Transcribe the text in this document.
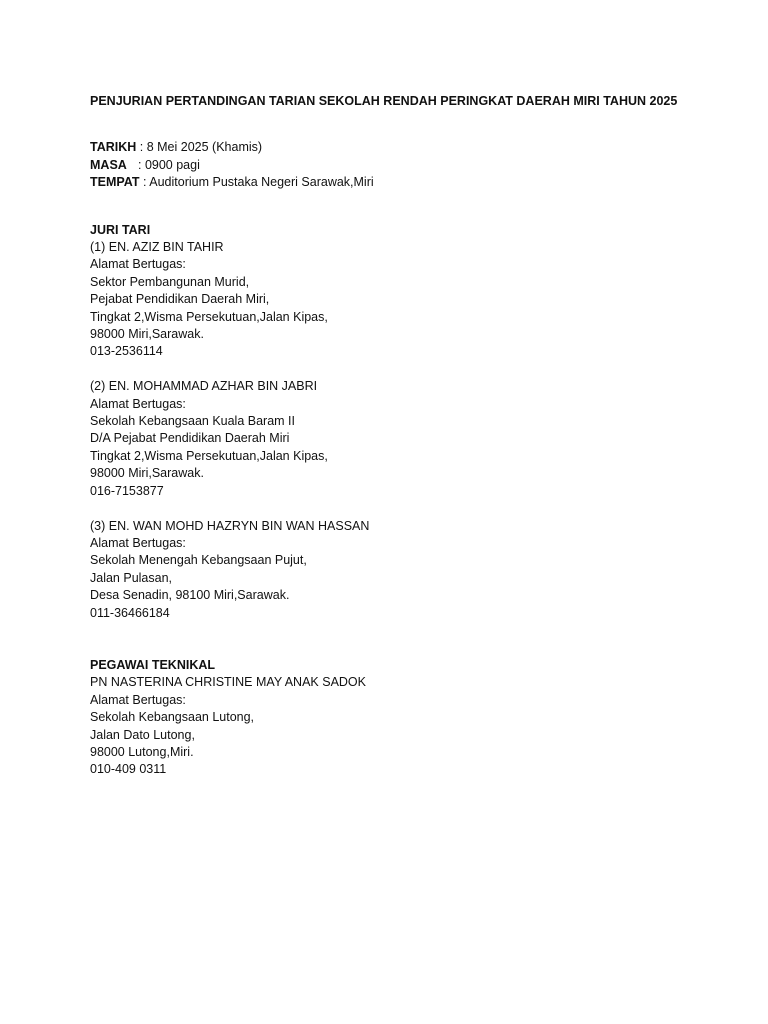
PENJURIAN PERTANDINGAN TARIAN SEKOLAH RENDAH PERINGKAT DAERAH MIRI TAHUN 2025

TARIKH : 8 Mei 2025 (Khamis)
MASA : 0900 pagi
TEMPAT : Auditorium Pustaka Negeri Sarawak,Miri
JURI TARI
(1) EN. AZIZ BIN TAHIR
Alamat Bertugas:
Sektor Pembangunan Murid,
Pejabat Pendidikan Daerah Miri,
Tingkat 2,Wisma Persekutuan,Jalan Kipas,
98000 Miri,Sarawak.
013-2536114
(2) EN. MOHAMMAD AZHAR BIN JABRI
Alamat Bertugas:
Sekolah Kebangsaan Kuala Baram II
D/A Pejabat Pendidikan Daerah Miri
Tingkat 2,Wisma Persekutuan,Jalan Kipas,
98000 Miri,Sarawak.
016-7153877
(3) EN. WAN MOHD HAZRYN BIN WAN HASSAN
Alamat Bertugas:
Sekolah Menengah Kebangsaan Pujut,
Jalan Pulasan,
Desa Senadin, 98100 Miri,Sarawak.
011-36466184
PEGAWAI TEKNIKAL
PN NASTERINA CHRISTINE MAY ANAK SADOK
Alamat Bertugas:
Sekolah Kebangsaan Lutong,
Jalan Dato Lutong,
98000 Lutong,Miri.
010-409 0311
